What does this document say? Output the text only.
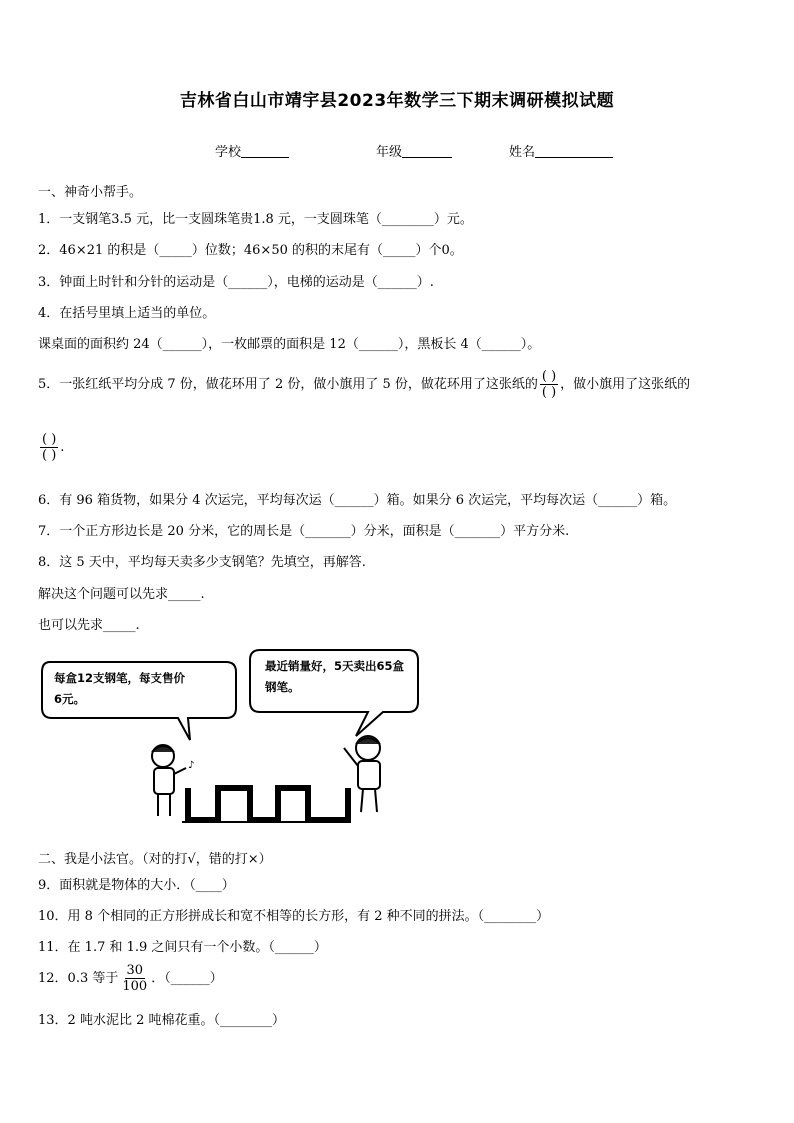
吉林省白山市靖宇县2023年数学三下期末调研模拟试题
学校	年级	姓名
一、神奇小帮手。
1．一支钢笔3.5 元，比一支圆珠笔贵1.8 元，一支圆珠笔（________）元。
2．46×21 的积是（_____）位数；46×50 的积的末尾有（_____）个0。
3．钟面上时针和分针的运动是（______），电梯的运动是（______）.
4．在括号里填上适当的单位。
课桌面的面积约 24（______），一枚邮票的面积是 12（______），黑板长 4（______）。
5．一张红纸平均分成 7 份，做花环用了 2 份，做小旗用了 5 份，做花环用了这张纸的 $\frac{( )}{( )}$ ，做小旗用了这张纸的
$\frac{( )}{( )}$ .
6．有 96 箱货物，如果分 4 次运完，平均每次运（______）箱。如果分 6 次运完，平均每次运（______）箱。
7．一个正方形边长是 20 分米，它的周长是（_______）分米，面积是（_______）平方分米.
8．这 5 天中，平均每天卖多少支钢笔？先填空，再解答.
解决这个问题可以先求_____.
也可以先求_____.
♪
每盒12支钢笔，每支售价
6元。
最近销量好，5天卖出65盒
钢笔。
二、我是小法官。（对的打√，错的打×）
9．面积就是物体的大小．（____）
10．用 8 个相同的正方形拼成长和宽不相等的长方形，有 2 种不同的拼法。（________）
11．在 1.7 和 1.9 之间只有一个小数。（______）
12．0.3 等于 $\frac{30}{100}$ ．（______）
13．2 吨水泥比 2 吨棉花重。（________）
